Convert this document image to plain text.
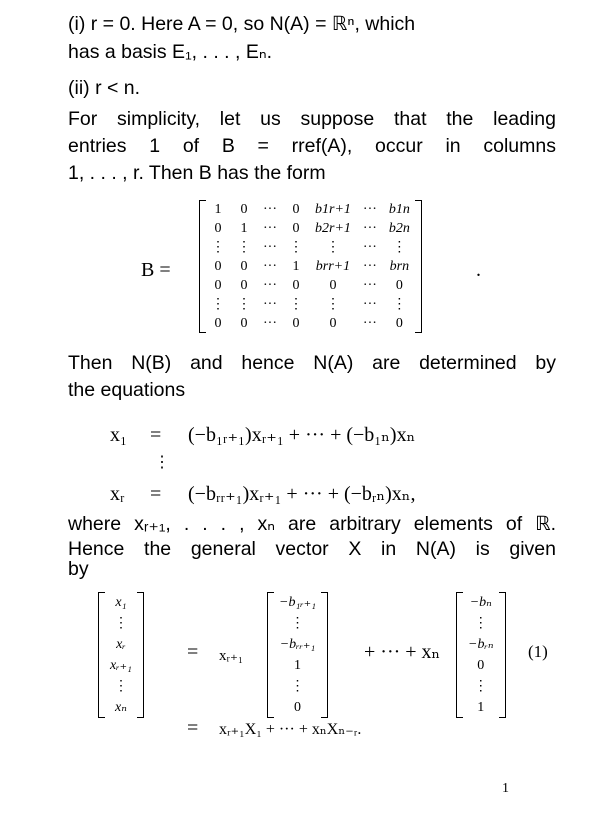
(i) r = 0. Here A = 0, so N(A) = ℝⁿ, which
has a basis E₁, . . . , Eₙ.
(ii) r < n.
For simplicity, let us suppose that the leading
entries 1 of B = rref(A), occur in columns
1, . . . , r. Then B has the form
B =
1	0	···	0	b1r+1	···	b1n
0	1	···	0	b2r+1	···	b2n
⋮	⋮	···	⋮	⋮	···	⋮
0	0	···	1	brr+1	···	brn
0	0	···	0	0	···	0
⋮	⋮	···	⋮	⋮	···	⋮
0	0	···	0	0	···	0
.
Then N(B) and hence N(A) are determined by
the equations
x₁ = (−b₁ᵣ₊₁)xᵣ₊₁ + ··· + (−b₁ₙ)xₙ
⋮
xᵣ = (−bᵣᵣ₊₁)xᵣ₊₁ + ··· + (−bᵣₙ)xₙ,
where xᵣ₊₁, . . . , xₙ are arbitrary elements of ℝ.
Hence the general vector X in N(A) is given
by
x₁
⋮
xᵣ
xᵣ₊₁
⋮
xₙ
= xᵣ₊₁
−b₁ᵣ₊₁
⋮
−bᵣᵣ₊₁
1
⋮
0
+ ··· + xₙ
−bₙ
⋮
−bᵣₙ
0
⋮
1
(1)
= xᵣ₊₁X₁ + ··· + xₙXₙ₋ᵣ.
1
